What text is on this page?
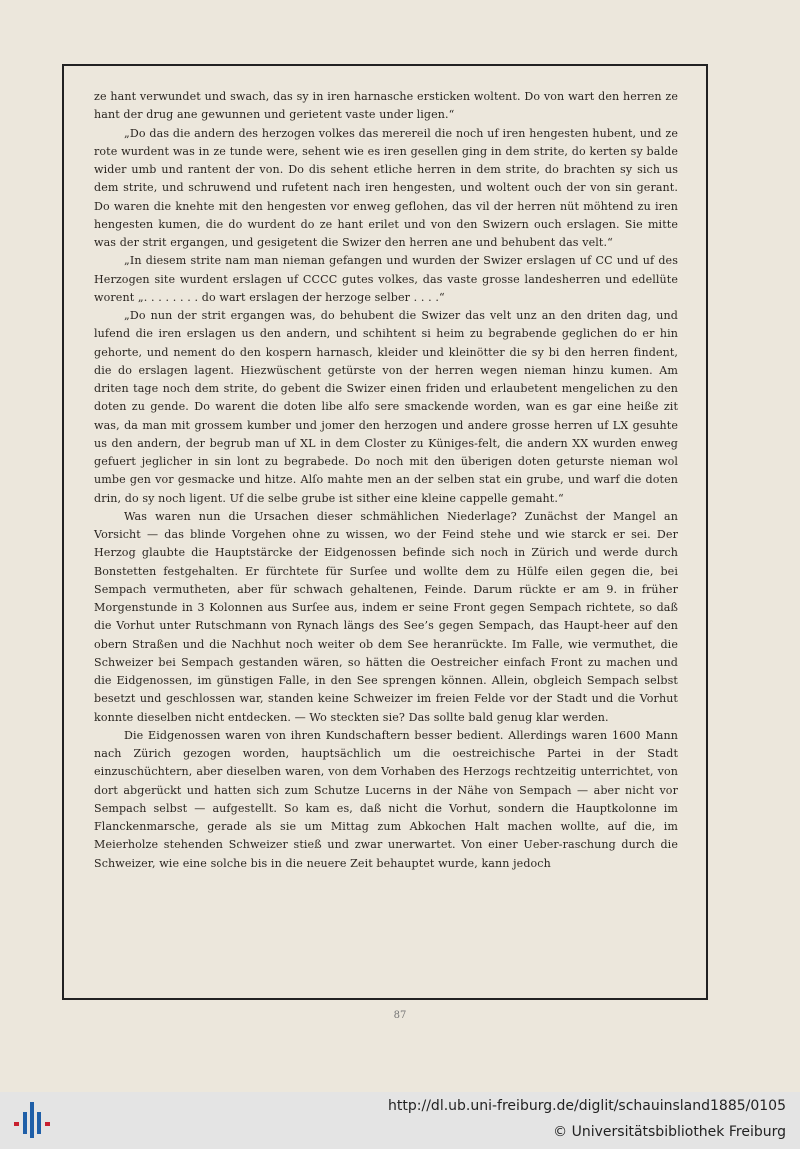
ze hant verwundet und swach, das sy in iren harnasche ersticken woltent. Do von wart den herren ze hant der drug ane gewunnen und gerietent vaste under ligen.“

„Do das die andern des herzogen volkes das merereil die noch uf iren hengesten hubent, und ze rote wurdent was in ze tunde were, sehent wie es iren gesellen ging in dem strite, do kerten sy balde wider umb und rantent der von. Do dis sehent etliche herren in dem strite, do brachten sy sich us dem strite, und schruwend und rufetent nach iren hengesten, und woltent ouch der von sin gerant. Do waren die knehte mit den hengesten vor enweg geflohen, das vil der herren nüt möhtend zu iren hengesten kumen, die do wurdent do ze hant erilet und von den Swizern ouch erslagen. Sie mitte was der strit ergangen, und gesigetent die Swizer den herren ane und behubent das velt.“

„In diesem strite nam man nieman gefangen und wurden der Swizer erslagen uf CC und uf des Herzogen site wurdent erslagen uf CCCC gutes volkes, das vaste grosse landesherren und edellüte worent „. . . . . . . . do wart erslagen der herzoge selber . . . .“

„Do nun der strit ergangen was, do behubent die Swizer das velt unz an den driten dag, und lufend die iren erslagen us den andern, und schihtent si heim zu begrabende geglichen do er hin gehorte, und nement do den kospern harnasch, kleider und kleinötter die sy bi den herren findent, die do erslagen lagent. Hiezwüschent getürste von der herren wegen nieman hinzu kumen. Am driten tage noch dem strite, do gebent die Swizer einen friden und erlaubetent mengelichen zu den doten zu gende. Do warent die doten libe alfo sere smackende worden, wan es gar eine heiße zit was, da man mit grossem kumber und jomer den herzogen und andere grosse herren uf LX gesuhte us den andern, der begrub man uf XL in dem Closter zu Küniges-felt, die andern XX wurden enweg gefuert jeglicher in sin lont zu begrabede. Do noch mit den überigen doten geturste nieman wol umbe gen vor gesmacke und hitze. Alſo mahte men an der selben stat ein grube, und warf die doten drin, do sy noch ligent. Uf die selbe grube ist sither eine kleine cappelle gemaht.“

Was waren nun die Ursachen dieser schmählichen Niederlage? Zunächst der Mangel an Vorsicht — das blinde Vorgehen ohne zu wissen, wo der Feind stehe und wie starck er sei. Der Herzog glaubte die Hauptstärcke der Eidgenossen befinde sich noch in Zürich und werde durch Bonstetten festgehalten. Er fürchtete für Surſee und wollte dem zu Hülfe eilen gegen die, bei Sempach vermutheten, aber für schwach gehaltenen, Feinde. Darum rückte er am 9. in früher Morgenstunde in 3 Kolonnen aus Surſee aus, indem er seine Front gegen Sempach richtete, so daß die Vorhut unter Rutschmann von Rynach längs des See’s gegen Sempach, das Haupt-heer auf den obern Straßen und die Nachhut noch weiter ob dem See heranrückte. Im Falle, wie vermuthet, die Schweizer bei Sempach gestanden wären, so hätten die Oestreicher einfach Front zu machen und die Eidgenossen, im günstigen Falle, in den See sprengen können. Allein, obgleich Sempach selbst besetzt und geschlossen war, standen keine Schweizer im freien Felde vor der Stadt und die Vorhut konnte dieselben nicht entdecken. — Wo steckten sie? Das sollte bald genug klar werden.

Die Eidgenossen waren von ihren Kundschaftern besser bedient. Allerdings waren 1600 Mann nach Zürich gezogen worden, hauptsächlich um die oestreichische Partei in der Stadt einzuschüchtern, aber dieselben waren, von dem Vorhaben des Herzogs rechtzeitig unterrichtet, von dort abgerückt und hatten sich zum Schutze Lucerns in der Nähe von Sempach — aber nicht vor Sempach selbst — aufgestellt. So kam es, daß nicht die Vorhut, sondern die Hauptkolonne im Flanckenmarsche, gerade als sie um Mittag zum Abkochen Halt machen wollte, auf die, im Meierholze stehenden Schweizer stieß und zwar unerwartet. Von einer Ueber-raschung durch die Schweizer, wie eine solche bis in die neuere Zeit behauptet wurde, kann jedoch

87
http://dl.ub.uni-freiburg.de/diglit/schauinsland1885/0105
© Universitätsbibliothek Freiburg
